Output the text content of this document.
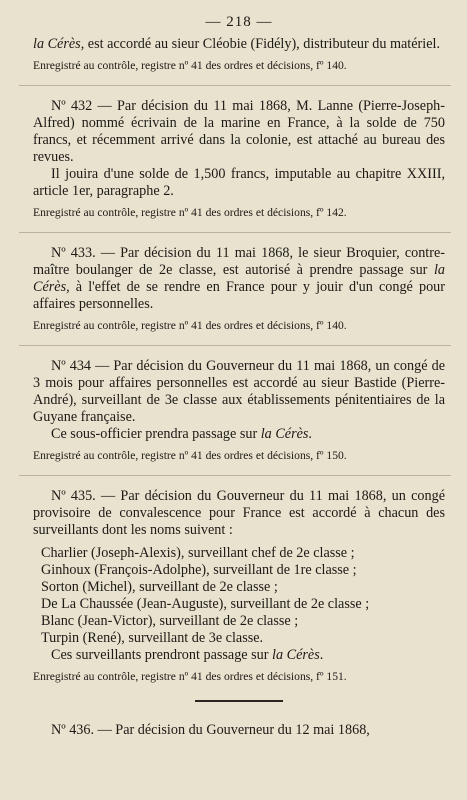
— 218 —
la Cérès, est accordé au sieur Cléobie (Fidély), distributeur du matériel.
Enregistré au contrôle, registre nº 41 des ordres et décisions, fº 140.
Nº 432 — Par décision du 11 mai 1868, M. Lanne (Pierre-Joseph-Alfred) nommé écrivain de la marine en France, à la solde de 750 francs, et récemment arrivé dans la colonie, est attaché au bureau des revues.
Il jouira d'une solde de 1,500 francs, imputable au chapitre XXIII, article 1er, paragraphe 2.
Enregistré au contrôle, registre nº 41 des ordres et décisions, fº 142.
Nº 433. — Par décision du 11 mai 1868, le sieur Broquier, contre-maître boulanger de 2e classe, est autorisé à prendre passage sur la Cérès, à l'effet de se rendre en France pour y jouir d'un congé pour affaires personnelles.
Enregistré au contrôle, registre nº 41 des ordres et décisions, fº 140.
Nº 434 — Par décision du Gouverneur du 11 mai 1868, un congé de 3 mois pour affaires personnelles est accordé au sieur Bastide (Pierre-André), surveillant de 3e classe aux établissements pénitentiaires de la Guyane française.
Ce sous-officier prendra passage sur la Cérès.
Enregistré au contrôle, registre nº 41 des ordres et décisions, fº 150.
Nº 435. — Par décision du Gouverneur du 11 mai 1868, un congé provisoire de convalescence pour France est accordé à chacun des surveillants dont les noms suivent :
Charlier (Joseph-Alexis), surveillant chef de 2e classe ;
Ginhoux (François-Adolphe), surveillant de 1re classe ;
Sorton (Michel), surveillant de 2e classe ;
De La Chaussée (Jean-Auguste), surveillant de 2e classe ;
Blanc (Jean-Victor), surveillant de 2e classe ;
Turpin (René), surveillant de 3e classe.
Ces surveillants prendront passage sur la Cérès.
Enregistré au contrôle, registre nº 41 des ordres et décisions, fº 151.
Nº 436. — Par décision du Gouverneur du 12 mai 1868,
